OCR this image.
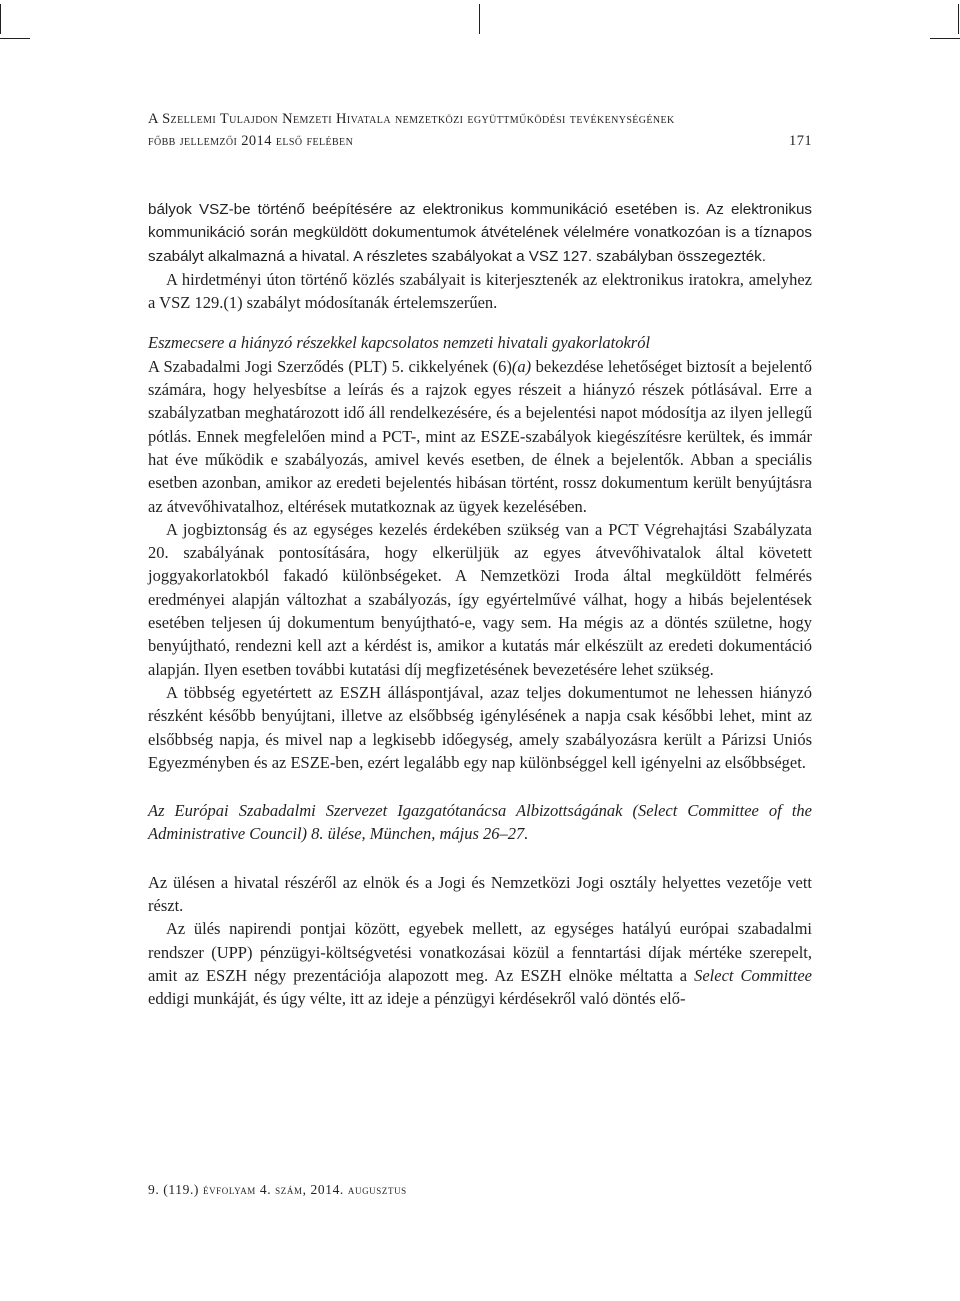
A Szellemi Tulajdon Nemzeti Hivatala nemzetközi együttműködési tevékenységének
főbb jellemzői 2014 első felében	171

bályok VSZ-be történő beépítésére az elektronikus kommunikáció esetében is. Az elektronikus kommunikáció során megküldött dokumentumok átvételének vélelmére vonatkozóan is a tíznapos szabályt alkalmazná a hivatal. A részletes szabályokat a VSZ 127. szabályban összegezték.

A hirdetményi úton történő közlés szabályait is kiterjesztenék az elektronikus iratokra, amelyhez a VSZ 129.(1) szabályt módosítanák értelemszerűen.

Eszmecsere a hiányzó részekkel kapcsolatos nemzeti hivatali gyakorlatokról

A Szabadalmi Jogi Szerződés (PLT) 5. cikkelyének (6)(a) bekezdése lehetőséget biztosít a bejelentő számára, hogy helyesbítse a leírás és a rajzok egyes részeit a hiányzó részek pótlásával. Erre a szabályzatban meghatározott idő áll rendelkezésére, és a bejelentési napot módosítja az ilyen jellegű pótlás. Ennek megfelelően mind a PCT-, mint az ESZE-szabályok kiegészítésre kerültek, és immár hat éve működik e szabályozás, amivel kevés esetben, de élnek a bejelentők. Abban a speciális esetben azonban, amikor az eredeti bejelentés hibásan történt, rossz dokumentum került benyújtásra az átvevőhivatalhoz, eltérések mutatkoznak az ügyek kezelésében.

A jogbiztonság és az egységes kezelés érdekében szükség van a PCT Végrehajtási Szabályzata 20. szabályának pontosítására, hogy elkerüljük az egyes átvevőhivatalok által követett joggyakorlatokból fakadó különbségeket. A Nemzetközi Iroda által megküldött felmérés eredményei alapján változhat a szabályozás, így egyértelművé válhat, hogy a hibás bejelentések esetében teljesen új dokumentum benyújtható-e, vagy sem. Ha mégis az a döntés születne, hogy benyújtható, rendezni kell azt a kérdést is, amikor a kutatás már elkészült az eredeti dokumentáció alapján. Ilyen esetben további kutatási díj megfizetésének bevezetésére lehet szükség.

A többség egyetértett az ESZH álláspontjával, azaz teljes dokumentumot ne lehessen hiányzó részként később benyújtani, illetve az elsőbbség igénylésének a napja csak későbbi lehet, mint az elsőbbség napja, és mivel nap a legkisebb időegység, amely szabályozásra került a Párizsi Uniós Egyezményben és az ESZE-ben, ezért legalább egy nap különbséggel kell igényelni az elsőbbséget.

Az Európai Szabadalmi Szervezet Igazgatótanácsa Albizottságának (Select Committee of the Administrative Council) 8. ülése, München, május 26–27.

Az ülésen a hivatal részéről az elnök és a Jogi és Nemzetközi Jogi osztály helyettes vezetője vett részt.

Az ülés napirendi pontjai között, egyebek mellett, az egységes hatályú európai szabadalmi rendszer (UPP) pénzügyi-költségvetési vonatkozásai közül a fenntartási díjak mértéke szerepelt, amit az ESZH négy prezentációja alapozott meg. Az ESZH elnöke méltatta a Select Committee eddigi munkáját, és úgy vélte, itt az ideje a pénzügyi kérdésekről való döntés elő-

9. (119.) évfolyam 4. szám, 2014. augusztus
